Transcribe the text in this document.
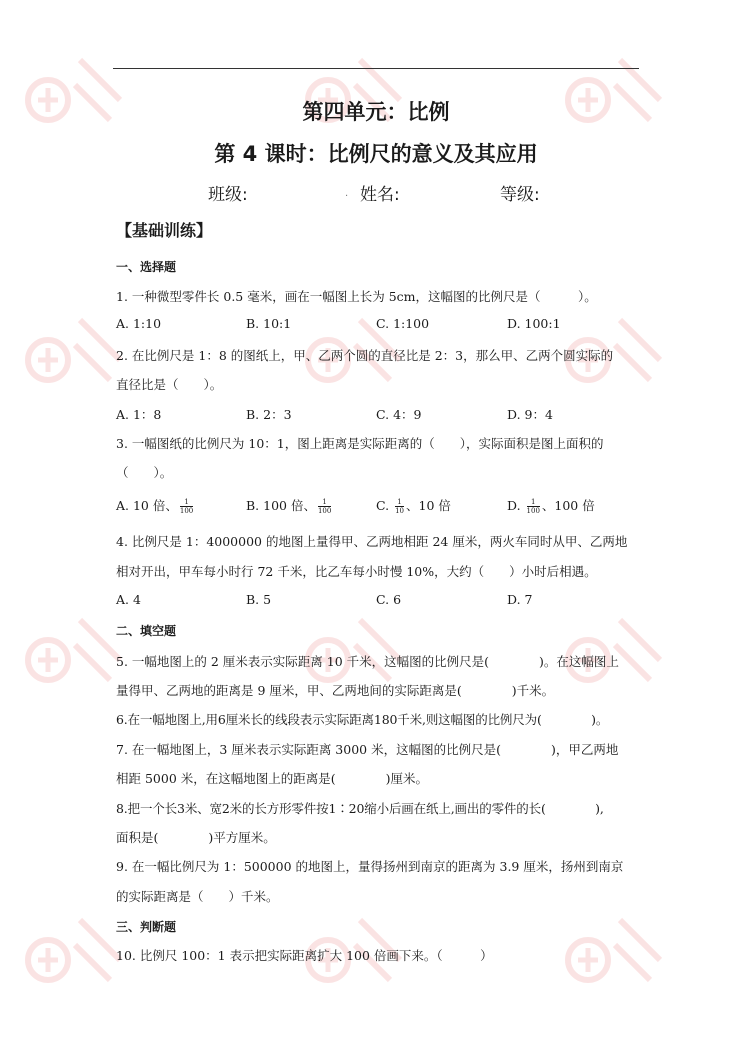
第四单元：比例
第 4 课时：比例尺的意义及其应用
班级:	. 姓名:	等级:
【基础训练】
一、选择题
1. 一种微型零件长 0.5 毫米，画在一幅图上长为 5cm，这幅图的比例尺是（　　　）。
A. 1:10	B. 10:1	C. 1:100	D. 100:1
2. 在比例尺是 1：8 的图纸上，甲、乙两个圆的直径比是 2：3，那么甲、乙两个圆实际的
直径比是（　　）。
A. 1：8	B. 2：3	C. 4：9	D. 9：4
3. 一幅图纸的比例尺为 10：1，图上距离是实际距离的（　　），实际面积是图上面积的
（　　）。
A. 10 倍、 $\frac{1}{100}$	B. 100 倍、 $\frac{1}{100}$	C. $\frac{1}{10}$ 、10 倍	D. $\frac{1}{100}$ 、100 倍
4. 比例尺是 1：4000000 的地图上量得甲、乙两地相距 24 厘米，两火车同时从甲、乙两地
相对开出，甲车每小时行 72 千米，比乙车每小时慢 10%，大约（　　）小时后相遇。
A. 4	B. 5	C. 6	D. 7
二、填空题
5. 一幅地图上的 2 厘米表示实际距离 10 千米，这幅图的比例尺是(　　　　)。在这幅图上
量得甲、乙两地的距离是 9 厘米，甲、乙两地间的实际距离是(　　　　)千米。
6.在一幅地图上,用6厘米长的线段表示实际距离180千米,则这幅图的比例尺为(　　　　)。
7. 在一幅地图上，3 厘米表示实际距离 3000 米，这幅图的比例尺是(　　　　)，甲乙两地
相距 5000 米，在这幅地图上的距离是(　　　　)厘米。
8.把一个长3米、宽2米的长方形零件按1∶20缩小后画在纸上,画出的零件的长(　　　　),
面积是(　　　　)平方厘米。
9. 在一幅比例尺为 1：500000 的地图上，量得扬州到南京的距离为 3.9 厘米，扬州到南京
的实际距离是（　　）千米。
三、判断题
10. 比例尺 100：1 表示把实际距离扩大 100 倍画下来。（　　　）
